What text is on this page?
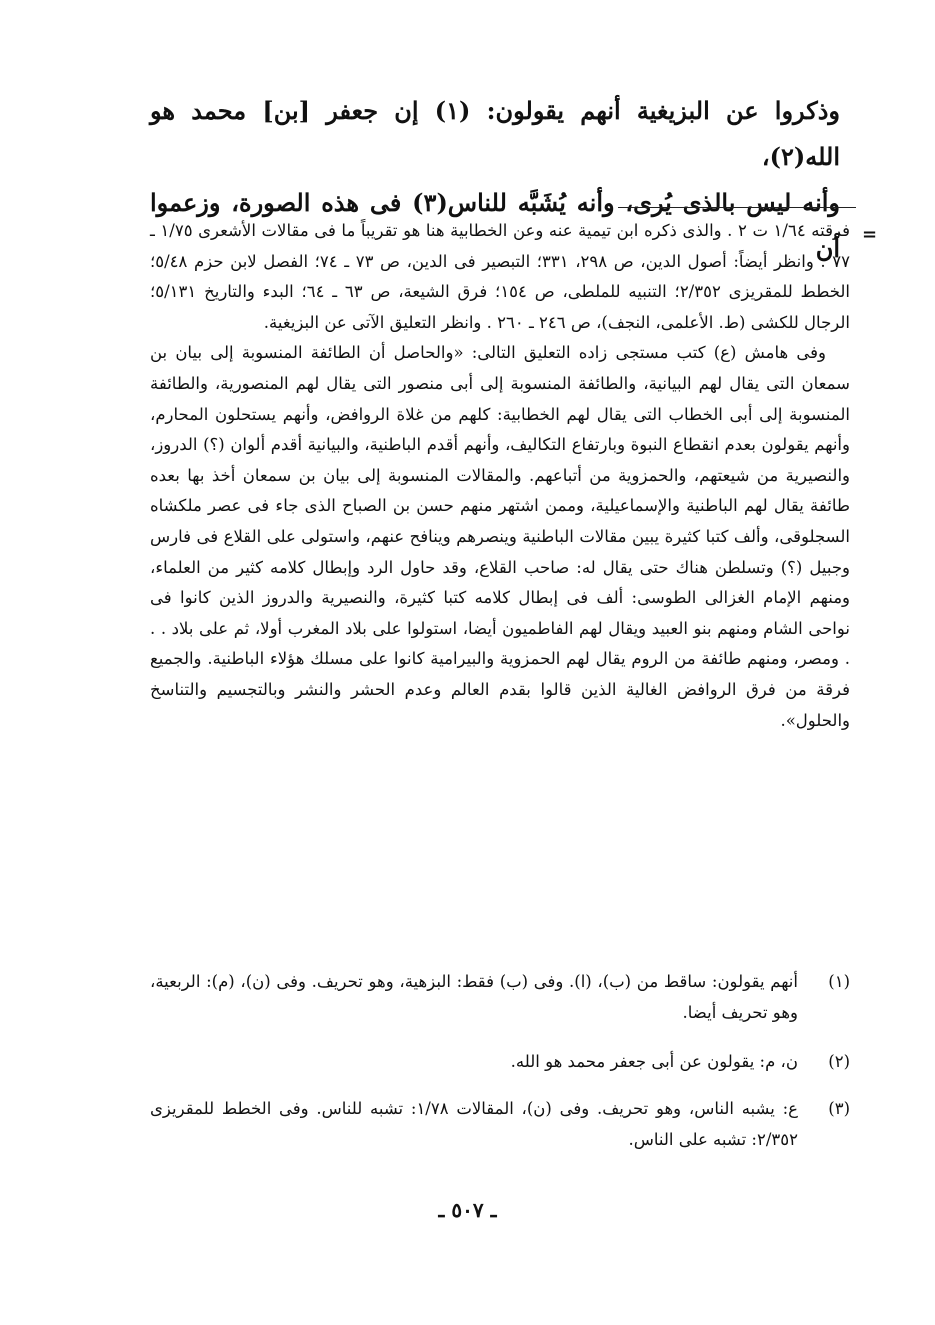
وذكروا عن البزيغية أنهم يقولون: (١) إن جعفر [بن] محمد هو الله(٢)،

وأنه ليس بالذى يُرى، وأنه يُشَبَّه للناس(٣) فى هذه الصورة، وزعموا أن =

فرقته ١/٦٤ ت ٢ . والذى ذكره ابن تيمية عنه وعن الخطابية هنا هو تقريباً ما فى مقالات الأشعرى ١/٧٥ ـ ٧٧ . وانظر أيضاً: أصول الدين، ص ٢٩٨، ٣٣١؛ التبصير فى الدين، ص ٧٣ ـ ٧٤؛ الفصل لابن حزم ٥/٤٨؛ الخطط للمقريزى ٢/٣٥٢؛ التنبيه للملطى، ص ١٥٤؛ فرق الشيعة، ص ٦٣ ـ ٦٤؛ البدء والتاريخ ٥/١٣١؛ الرجال للكشى (ط. الأعلمى، النجف)، ص ٢٤٦ ـ ٢٦٠ . وانظر التعليق الآتى عن البزيغية.

وفى هامش (ع) كتب مستجى زاده التعليق التالى: «والحاصل أن الطائفة المنسوبة إلى بيان بن سمعان التى يقال لهم البيانية، والطائفة المنسوبة إلى أبى منصور التى يقال لهم المنصورية، والطائفة المنسوبة إلى أبى الخطاب التى يقال لهم الخطابية: كلهم من غلاة الروافض، وأنهم يستحلون المحارم، وأنهم يقولون بعدم انقطاع النبوة وبارتفاع التكاليف، وأنهم أقدم الباطنية، والبيانية أقدم ألوان (؟) الدروز، والنصيرية من شيعتهم، والحمزوية من أتباعهم. والمقالات المنسوبة إلى بيان بن سمعان أخذ بها بعده طائفة يقال لهم الباطنية والإسماعيلية، وممن اشتهر منهم حسن بن الصباح الذى جاء فى عصر ملكشاه السجلوقى، وألف كتبا كثيرة يبين مقالات الباطنية وينصرهم وينافح عنهم، واستولى على القلاع فى فارس وجبيل (؟) وتسلطن هناك حتى يقال له: صاحب القلاع، وقد حاول الرد وإبطال كلامه كثير من العلماء، ومنهم الإمام الغزالى الطوسى: ألف فى إبطال كلامه كتبا كثيرة، والنصيرية والدروز الذين كانوا فى نواحى الشام ومنهم بنو العبيد ويقال لهم الفاطميون أيضا، استولوا على بلاد المغرب أولا، ثم على بلاد . . . ومصر، ومنهم طائفة من الروم يقال لهم الحمزوية والبيرامية كانوا على مسلك هؤلاء الباطنية. والجميع فرقة من فرق الروافض الغالية الذين قالوا بقدم العالم وعدم الحشر والنشر وبالتجسيم والتناسخ والحلول».

(١)
أنهم يقولون: ساقط من (ب)، (ا). وفى (ب) فقط: البزهية، وهو تحريف. وفى (ن)، (م): الربعية، وهو تحريف أيضا.
(٢)
ن، م: يقولون عن أبى جعفر محمد هو الله.
(٣)
ع: يشبه الناس، وهو تحريف. وفى (ن)، المقالات ١/٧٨: تشبه للناس. وفى الخطط للمقريزى ٢/٣٥٢: تشبه على الناس.
ـ ٥٠٧ ـ
